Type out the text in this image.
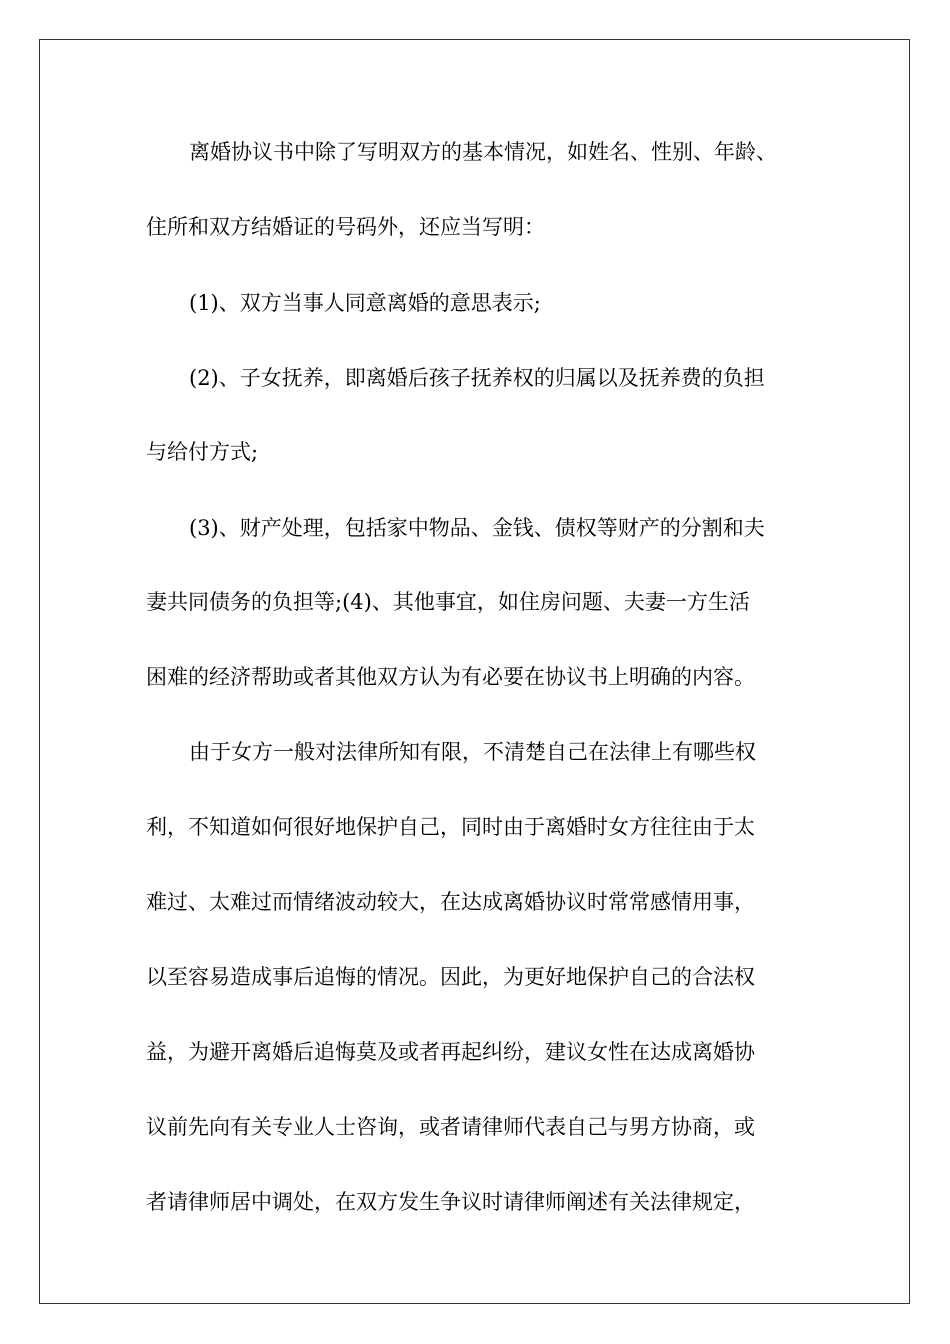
离婚协议书中除了写明双方的基本情况，如姓名、性别、年龄、
住所和双方结婚证的号码外，还应当写明：
(1)、双方当事人同意离婚的意思表示;
(2)、子女抚养，即离婚后孩子抚养权的归属以及抚养费的负担
与给付方式;
(3)、财产处理，包括家中物品、金钱、债权等财产的分割和夫
妻共同债务的负担等;(4)、其他事宜，如住房问题、夫妻一方生活
困难的经济帮助或者其他双方认为有必要在协议书上明确的内容。
由于女方一般对法律所知有限，不清楚自己在法律上有哪些权
利，不知道如何很好地保护自己，同时由于离婚时女方往往由于太
难过、太难过而情绪波动较大，在达成离婚协议时常常感情用事，
以至容易造成事后追悔的情况。因此，为更好地保护自己的合法权
益，为避开离婚后追悔莫及或者再起纠纷，建议女性在达成离婚协
议前先向有关专业人士咨询，或者请律师代表自己与男方协商，或
者请律师居中调处，在双方发生争议时请律师阐述有关法律规定，
